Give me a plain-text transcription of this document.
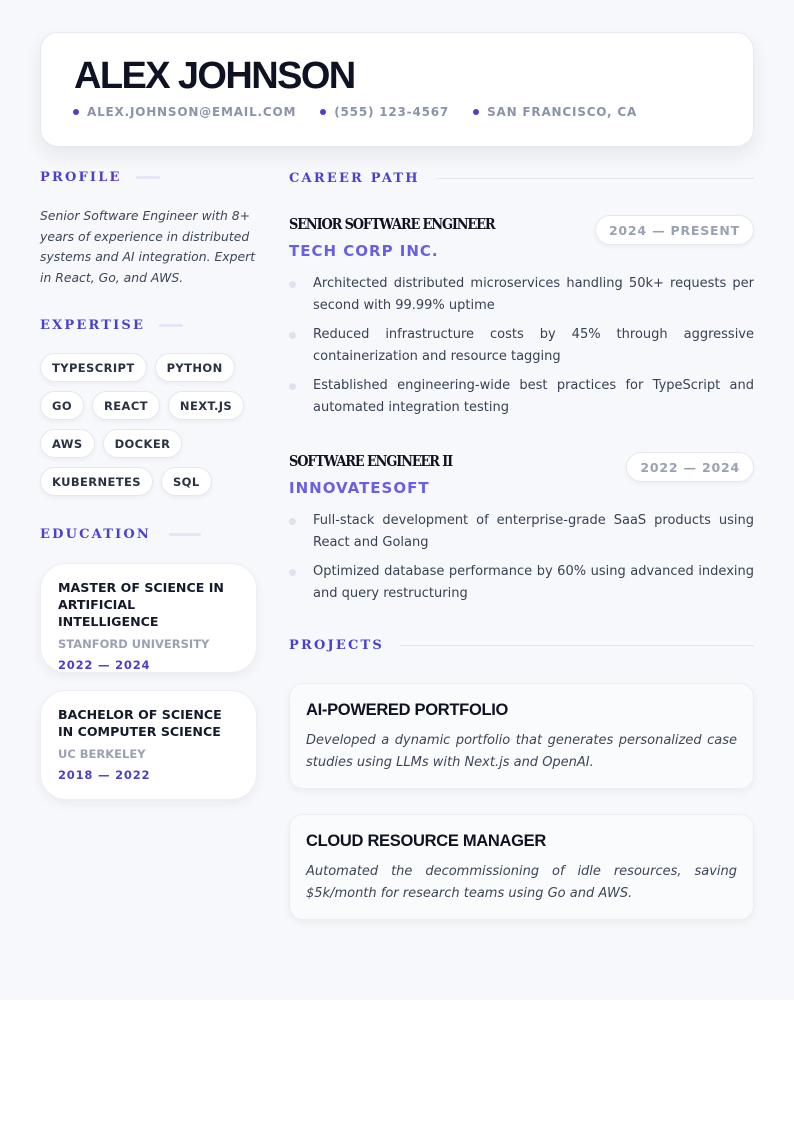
ALEX JOHNSON
ALEX.JOHNSON@EMAIL.COM	(555) 123-4567	SAN FRANCISCO, CA
PROFILE
Senior Software Engineer with 8+ years of experience in distributed systems and AI integration. Expert in React, Go, and AWS.
EXPERTISE
TYPESCRIPT	PYTHON
GO	REACT	NEXT.JS
AWS	DOCKER
KUBERNETES	SQL
EDUCATION
MASTER OF SCIENCE IN ARTIFICIAL INTELLIGENCE
STANFORD UNIVERSITY
2022 — 2024
BACHELOR OF SCIENCE IN COMPUTER SCIENCE
UC BERKELEY
2018 — 2022
CAREER PATH
SENIOR SOFTWARE ENGINEER
TECH CORP INC.
2024 — PRESENT
Architected distributed microservices handling 50k+ requests per second with 99.99% uptime
Reduced infrastructure costs by 45% through aggressive containerization and resource tagging
Established engineering-wide best practices for TypeScript and automated integration testing
SOFTWARE ENGINEER II
INNOVATESOFT
2022 — 2024
Full-stack development of enterprise-grade SaaS products using React and Golang
Optimized database performance by 60% using advanced indexing and query restructuring
PROJECTS
AI-POWERED PORTFOLIO
Developed a dynamic portfolio that generates personalized case studies using LLMs with Next.js and OpenAI.
CLOUD RESOURCE MANAGER
Automated the decommissioning of idle resources, saving $5k/month for research teams using Go and AWS.
